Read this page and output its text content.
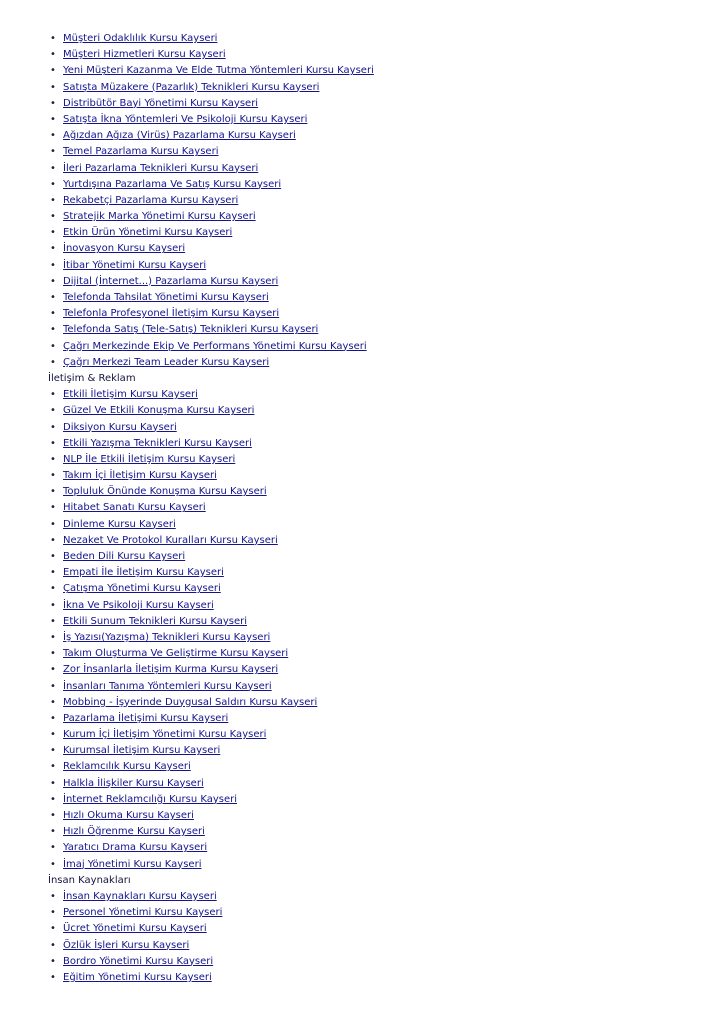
• Müşteri Odaklılık Kursu Kayseri
• Müşteri Hizmetleri Kursu Kayseri
• Yeni Müşteri Kazanma Ve Elde Tutma Yöntemleri Kursu Kayseri
• Satışta Müzakere (Pazarlık) Teknikleri Kursu Kayseri
• Distribütör Bayi Yönetimi Kursu Kayseri
• Satışta İkna Yöntemleri Ve Psikoloji Kursu Kayseri
• Ağızdan Ağıza (Virüs) Pazarlama Kursu Kayseri
• Temel Pazarlama Kursu Kayseri
• İleri Pazarlama Teknikleri Kursu Kayseri
• Yurtdışına Pazarlama Ve Satış Kursu Kayseri
• Rekabetçi Pazarlama Kursu Kayseri
• Stratejik Marka Yönetimi Kursu Kayseri
• Etkin Ürün Yönetimi Kursu Kayseri
• İnovasyon Kursu Kayseri
• İtibar Yönetimi Kursu Kayseri
• Dijital (İnternet...) Pazarlama Kursu Kayseri
• Telefonda Tahsilat Yönetimi Kursu Kayseri
• Telefonla Profesyonel İletişim Kursu Kayseri
• Telefonda Satış (Tele-Satış) Teknikleri Kursu Kayseri
• Çağrı Merkezinde Ekip Ve Performans Yönetimi Kursu Kayseri
• Çağrı Merkezi Team Leader Kursu Kayseri
İletişim & Reklam
• Etkili İletişim Kursu Kayseri
• Güzel Ve Etkili Konuşma Kursu Kayseri
• Diksiyon Kursu Kayseri
• Etkili Yazışma Teknikleri Kursu Kayseri
• NLP İle Etkili İletişim Kursu Kayseri
• Takım İçi İletişim Kursu Kayseri
• Topluluk Önünde Konuşma Kursu Kayseri
• Hitabet Sanatı Kursu Kayseri
• Dinleme Kursu Kayseri
• Nezaket Ve Protokol Kuralları Kursu Kayseri
• Beden Dili Kursu Kayseri
• Empati İle İletişim Kursu Kayseri
• Çatışma Yönetimi Kursu Kayseri
• İkna Ve Psikoloji Kursu Kayseri
• Etkili Sunum Teknikleri Kursu Kayseri
• İş Yazısı(Yazışma) Teknikleri Kursu Kayseri
• Takım Oluşturma Ve Geliştirme Kursu Kayseri
• Zor İnsanlarla İletişim Kurma Kursu Kayseri
• İnsanları Tanıma Yöntemleri Kursu Kayseri
• Mobbing - İşyerinde Duygusal Saldırı Kursu Kayseri
• Pazarlama İletişimi Kursu Kayseri
• Kurum İçi İletişim Yönetimi Kursu Kayseri
• Kurumsal İletişim Kursu Kayseri
• Reklamcılık Kursu Kayseri
• Halkla İlişkiler Kursu Kayseri
• İnternet Reklamcılığı Kursu Kayseri
• Hızlı Okuma Kursu Kayseri
• Hızlı Öğrenme Kursu Kayseri
• Yaratıcı Drama Kursu Kayseri
• İmaj Yönetimi Kursu Kayseri
İnsan Kaynakları
• İnsan Kaynakları Kursu Kayseri
• Personel Yönetimi Kursu Kayseri
• Ücret Yönetimi Kursu Kayseri
• Özlük İşleri Kursu Kayseri
• Bordro Yönetimi Kursu Kayseri
• Eğitim Yönetimi Kursu Kayseri
